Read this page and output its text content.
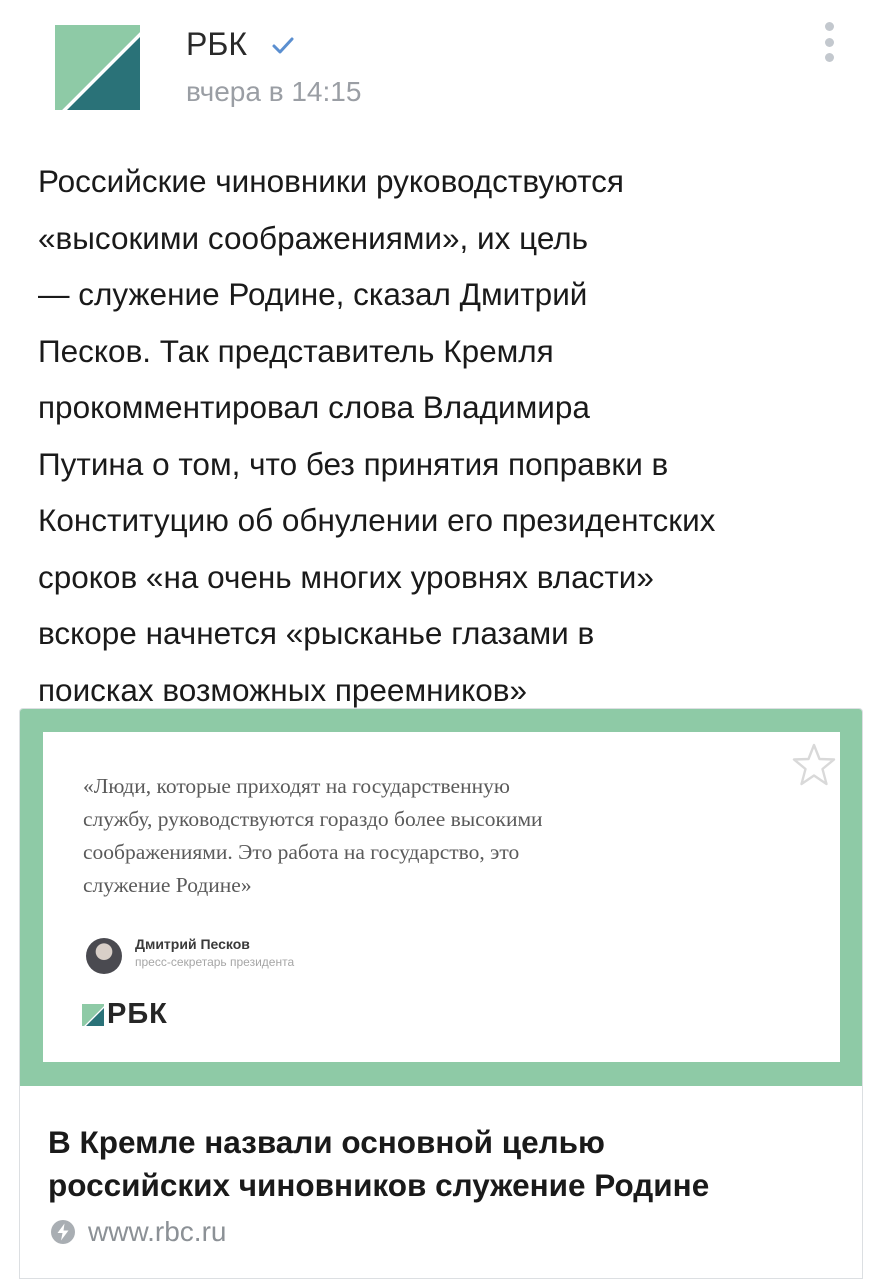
РБК
вчера в 14:15
Российские чиновники руководствуются
«высокими соображениями», их цель
— служение Родине, сказал Дмитрий
Песков. Так представитель Кремля
прокомментировал слова Владимира
Путина о том, что без принятия поправки в
Конституцию об обнулении его президентских
сроков «на очень многих уровнях власти»
вскоре начнется «рысканье глазами в
поисках возможных преемников»
«Люди, которые приходят на государственную
службу, руководствуются гораздо более высокими
соображениями. Это работа на государство, это
служение Родине»
Дмитрий Песков
пресс-секретарь президента
РБК
В Кремле назвали основной целью
российских чиновников служение Родине
www.rbc.ru
